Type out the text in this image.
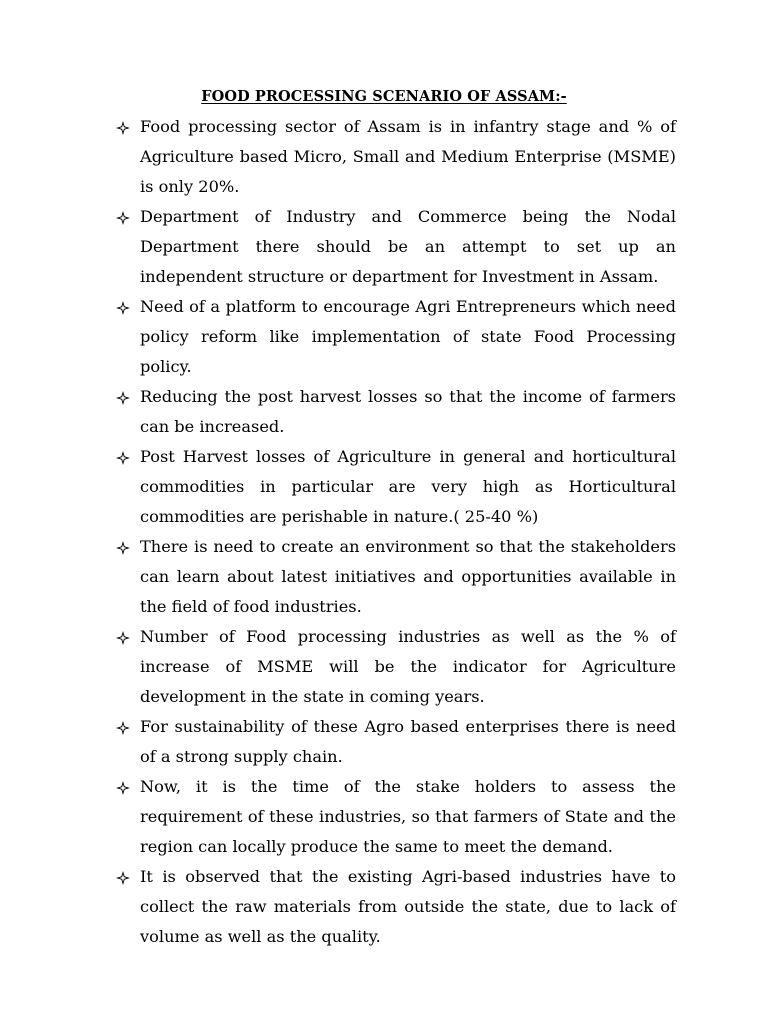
FOOD PROCESSING SCENARIO OF ASSAM:-
Food processing sector of Assam is in infantry stage and % of Agriculture based Micro, Small and Medium Enterprise (MSME) is only 20%.
Department of Industry and Commerce being the Nodal Department there should be an attempt to set up an independent structure or department for Investment in Assam.
Need of a platform to encourage Agri Entrepreneurs which need policy reform like implementation of state Food Processing policy.
Reducing the post harvest losses so that the income of farmers can be increased.
Post Harvest losses of Agriculture in general and horticultural commodities in particular are very high as Horticultural commodities are perishable in nature.( 25-40 %)
There is need to create an environment so that the stakeholders can learn about latest initiatives and opportunities available in the field of food industries.
Number of Food processing industries as well as the % of increase of MSME will be the indicator for Agriculture development in the state in coming years.
For sustainability of these Agro based enterprises there is need of a strong supply chain.
Now, it is the time of the stake holders to assess the requirement of these industries, so that farmers of State and the region can locally produce the same to meet the demand.
It is observed that the existing Agri-based industries have to collect the raw materials from outside the state, due to lack of volume as well as the quality.
